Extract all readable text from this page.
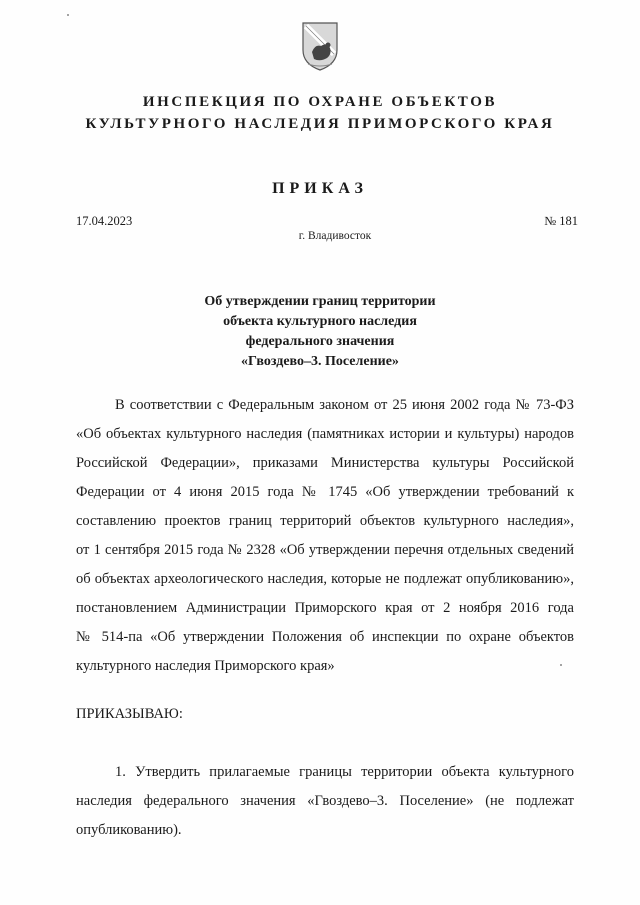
ИНСПЕКЦИЯ ПО ОХРАНЕ ОБЪЕКТОВ
КУЛЬТУРНОГО НАСЛЕДИЯ ПРИМОРСКОГО КРАЯ
ПРИКАЗ
17.04.2023	№ 181
г. Владивосток
Об утверждении границ территории
объекта культурного наследия
федерального значения
«Гвоздево–3. Поселение»
В соответствии с Федеральным законом от 25 июня 2002 года № 73-ФЗ
«Об объектах культурного наследия (памятниках истории и культуры) народов
Российской Федерации», приказами Министерства культуры Российской
Федерации от 4 июня 2015 года № 1745 «Об утверждении требований к
составлению проектов границ территорий объектов культурного наследия»,
от 1 сентября 2015 года № 2328 «Об утверждении перечня отдельных сведений
об объектах археологического наследия, которые не подлежат опубликованию»,
постановлением Администрации Приморского края от 2 ноября 2016 года
№ 514-па «Об утверждении Положения об инспекции по охране объектов
культурного наследия Приморского края»
ПРИКАЗЫВАЮ:
1. Утвердить прилагаемые границы территории объекта культурного
наследия федерального значения «Гвоздево–3. Поселение» (не подлежат
опубликованию).
